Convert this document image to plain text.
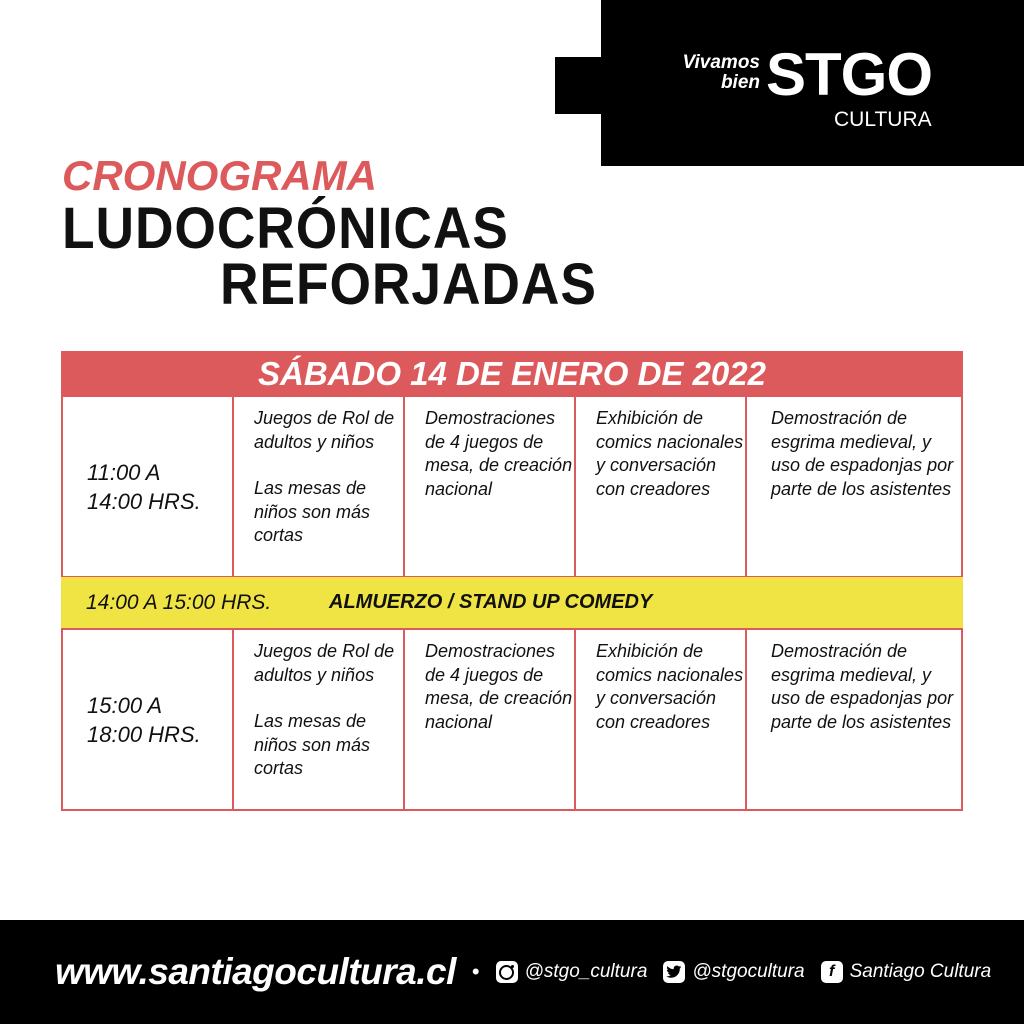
Vivamos
bien STGO
CULTURA
CRONOGRAMA
LUDOCRÓNICAS
REFORJADAS
SÁBADO 14 DE ENERO DE 2022
11:00 A
14:00 HRS.
Juegos de Rol de adultos y niños
Las mesas de niños son más cortas
Demostraciones de 4 juegos de mesa, de creación nacional
Exhibición de comics nacionales y conversación con creadores
Demostración de esgrima medieval, y uso de espadonjas por parte de los asistentes
14:00 A 15:00 HRS.	ALMUERZO / STAND UP COMEDY
15:00 A
18:00 HRS.
Juegos de Rol de adultos y niños
Las mesas de niños son más cortas
Demostraciones de 4 juegos de mesa, de creación nacional
Exhibición de comics nacionales y conversación con creadores
Demostración de esgrima medieval, y uso de espadonjas por parte de los asistentes
www.santiagocultura.cl • @stgo_cultura @stgocultura	f Santiago Cultura
